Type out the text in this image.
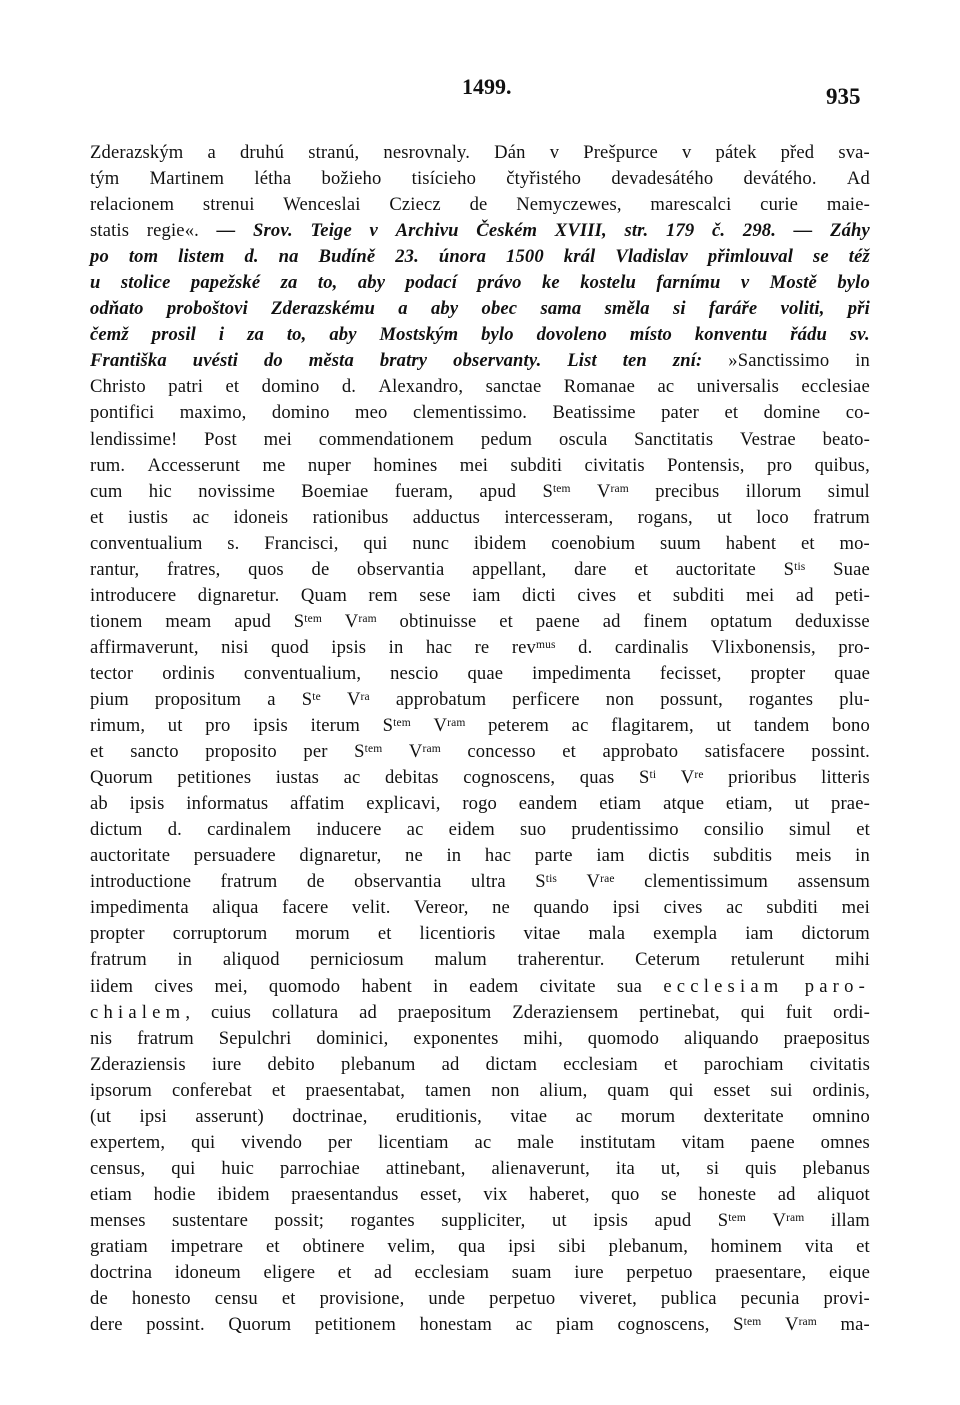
1499.	935
Zderazským a druhú stranú, nesrovnaly. Dán v Prešpurce v pátek před sva-
tým Martinem létha božieho tisícieho čtyřistého devadesátého devátého. Ad
relacionem strenui Wenceslai Cziecz de Nemyczewes, marescalci curie maie-
statis regie«. — Srov. Teige v Archivu Českém XVIII, str. 179 č. 298. — Záhy
po tom listem d. na Budíně 23. února 1500 král Vladislav přimlouval se též
u stolice papežské za to, aby podací právo ke kostelu farnímu v Mostě bylo
odňato proboštovi Zderazskému a aby obec sama směla si faráře voliti, při
čemž prosil i za to, aby Mostským bylo dovoleno místo konventu řádu sv.
Františka uvésti do města bratry observanty. List ten zní: »Sanctissimo in
Christo patri et domino d. Alexandro, sanctae Romanae ac universalis ecclesiae
pontifici maximo, domino meo clementissimo. Beatissime pater et domine co-
lendissime! Post mei commendationem pedum oscula Sanctitatis Vestrae beato-
rum. Accesserunt me nuper homines mei subditi civitatis Pontensis, pro quibus,
cum hic novissime Boemiae fueram, apud $S^{tem}$ $V^{ram}$ precibus illorum simul
et iustis ac idoneis rationibus adductus intercesseram, rogans, ut loco fratrum
conventualium s. Francisci, qui nunc ibidem coenobium suum habent et mo-
rantur, fratres, quos de observantia appellant, dare et auctoritate $S^{tis}$ Suae
introducere dignaretur. Quam rem sese iam dicti cives et subditi mei ad peti-
tionem meam apud $S^{tem}$ $V^{ram}$ obtinuisse et paene ad finem optatum deduxisse
affirmaverunt, nisi quod ipsis in hac re rev$^{mus}$ d. cardinalis Vlixbonensis, pro-
tector ordinis conventualium, nescio quae impedimenta fecisset, propter quae
pium propositum a $S^{te}$ $V^{ra}$ approbatum perficere non possunt, rogantes plu-
rimum, ut pro ipsis iterum $S^{tem}$ $V^{ram}$ peterem ac flagitarem, ut tandem bono
et sancto proposito per $S^{tem}$ $V^{ram}$ concesso et approbato satisfacere possint.
Quorum petitiones iustas ac debitas cognoscens, quas $S^{ti}$ Vre prioribus litteris
ab ipsis informatus affatim explicavi, rogo eandem etiam atque etiam, ut prae-
dictum d. cardinalem inducere ac eidem suo prudentissimo consilio simul et
auctoritate persuadere dignaretur, ne in hac parte iam dictis subditis meis in
introductione fratrum de observantia ultra $S^{tis}$ $V^{rae}$ clementissimum assensum
impedimenta aliqua facere velit. Vereor, ne quando ipsi cives ac subditi mei
propter corruptorum morum et licentioris vitae mala exempla iam dictorum
fratrum in aliquod perniciosum malum traherentur. Ceterum retulerunt mihi
iidem cives mei, quomodo habent in eadem civitate sua ecclesiam paro-
chialem, cuius collatura ad praepositum Zderaziensem pertinebat, qui fuit ordi-
nis fratrum Sepulchri dominici, exponentes mihi, quomodo aliquando praepositus
Zderaziensis iure debito plebanum ad dictam ecclesiam et parochiam civitatis
ipsorum conferebat et praesentabat, tamen non alium, quam qui esset sui ordinis,
(ut ipsi asserunt) doctrinae, eruditionis, vitae ac morum dexteritate omnino
expertem, qui vivendo per licentiam ac male institutam vitam paene omnes
census, qui huic parrochiae attinebant, alienaverunt, ita ut, si quis plebanus
etiam hodie ibidem praesentandus esset, vix haberet, quo se honeste ad aliquot
menses sustentare possit; rogantes suppliciter, ut ipsis apud $S^{tem}$ $V^{ram}$ illam
gratiam impetrare et obtinere velim, qua ipsi sibi plebanum, hominem vita et
doctrina idoneum eligere et ad ecclesiam suam iure perpetuo praesentare, eique
de honesto censu et provisione, unde perpetuo viveret, publica pecunia provi-
dere possint. Quorum petitionem honestam ac piam cognoscens, $S^{tem}$ $V^{ram}$ ma-
